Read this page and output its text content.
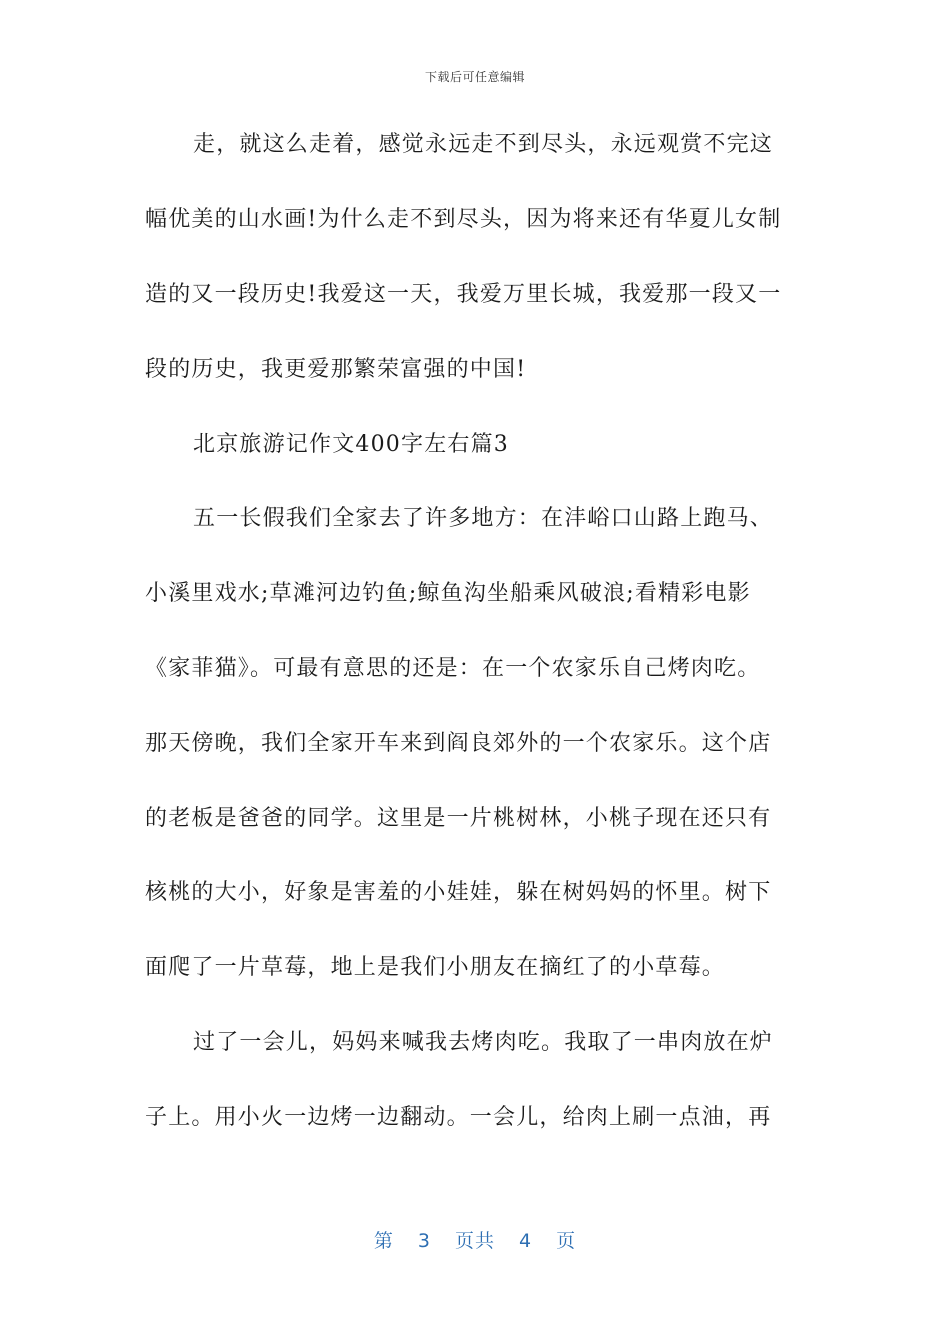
下载后可任意编辑
走，就这么走着，感觉永远走不到尽头，永远观赏不完这
幅优美的山水画!为什么走不到尽头，因为将来还有华夏儿女制
造的又一段历史!我爱这一天，我爱万里长城，我爱那一段又一
段的历史，我更爱那繁荣富强的中国!
北京旅游记作文400字左右篇3
五一长假我们全家去了许多地方：在沣峪口山路上跑马、
小溪里戏水;草滩河边钓鱼;鲸鱼沟坐船乘风破浪;看精彩电影
《家菲猫》。可最有意思的还是：在一个农家乐自己烤肉吃。
那天傍晚，我们全家开车来到阎良郊外的一个农家乐。这个店
的老板是爸爸的同学。这里是一片桃树林，小桃子现在还只有
核桃的大小，好象是害羞的小娃娃，躲在树妈妈的怀里。树下
面爬了一片草莓，地上是我们小朋友在摘红了的小草莓。
过了一会儿，妈妈来喊我去烤肉吃。我取了一串肉放在炉
子上。用小火一边烤一边翻动。一会儿，给肉上刷一点油，再
第 3 页共 4 页
